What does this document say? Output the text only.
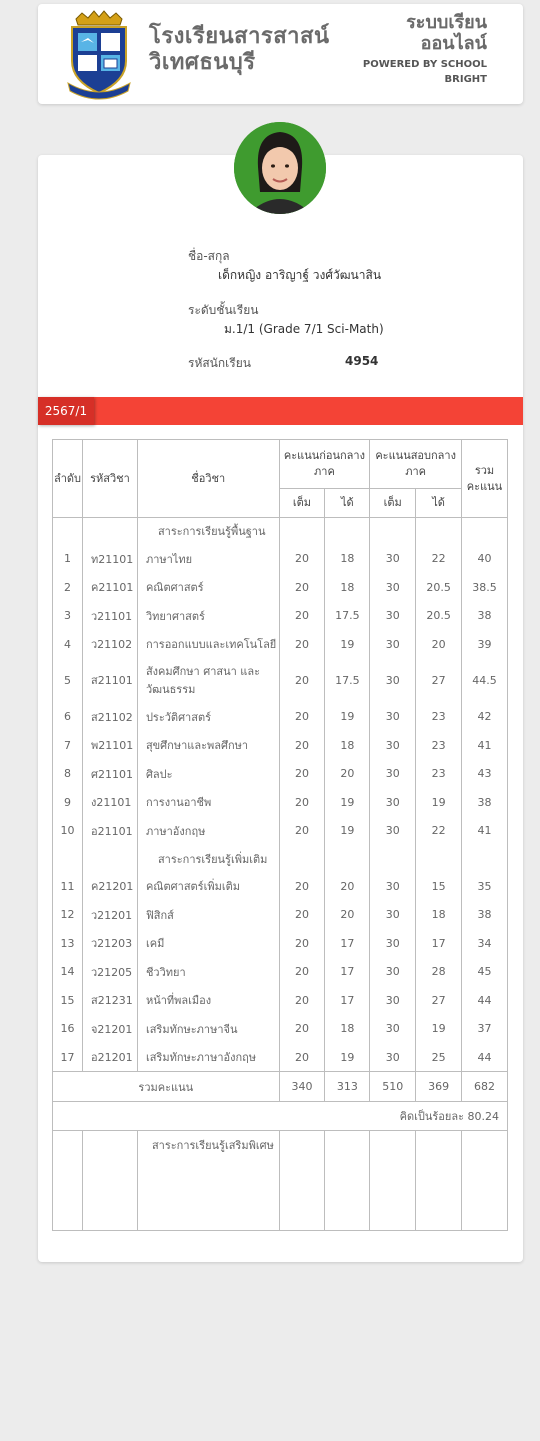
โรงเรียนสารสาสน์
วิเทศธนบุรี
ระบบเรียน
ออนไลน์
POWERED BY SCHOOL
BRIGHT
ชื่อ-สกุล
เด็กหญิง อาริญาฐ์ วงศ์วัฒนาสิน
ระดับชั้นเรียน
ม.1/1 (Grade 7/1 Sci-Math)
รหัสนักเรียน	4954
2567/1
ลำดับ	รหัสวิชา	ชื่อวิชา	คะแนนก่อนกลาง ภาค		คะแนนสอบกลาง ภาค		รวม คะแนน
			เต็ม	ได้	เต็ม	ได้	
		สาระการเรียนรู้พื้นฐาน					
1	ท21101	ภาษาไทย	20	18	30	22	40
2	ค21101	คณิตศาสตร์	20	18	30	20.5	38.5
3	ว21101	วิทยาศาสตร์	20	17.5	30	20.5	38
4	ว21102	การออกแบบและเทคโนโลยี	20	19	30	20	39
5	ส21101	สังคมศึกษา ศาสนา และวัฒนธรรม	20	17.5	30	27	44.5
6	ส21102	ประวัติศาสตร์	20	19	30	23	42
7	พ21101	สุขศึกษาและพลศึกษา	20	18	30	23	41
8	ศ21101	ศิลปะ	20	20	30	23	43
9	ง21101	การงานอาชีพ	20	19	30	19	38
10	อ21101	ภาษาอังกฤษ	20	19	30	22	41
		สาระการเรียนรู้เพิ่มเติม					
11	ค21201	คณิตศาสตร์เพิ่มเติม	20	20	30	15	35
12	ว21201	ฟิสิกส์	20	20	30	18	38
13	ว21203	เคมี	20	17	30	17	34
14	ว21205	ชีววิทยา	20	17	30	28	45
15	ส21231	หน้าที่พลเมือง	20	17	30	27	44
16	จ21201	เสริมทักษะภาษาจีน	20	18	30	19	37
17	อ21201	เสริมทักษะภาษาอังกฤษ	20	19	30	25	44
รวมคะแนน			340	313	510	369	682
คิดเป็นร้อยละ 80.24							
		สาระการเรียนรู้เสริมพิเศษ					
